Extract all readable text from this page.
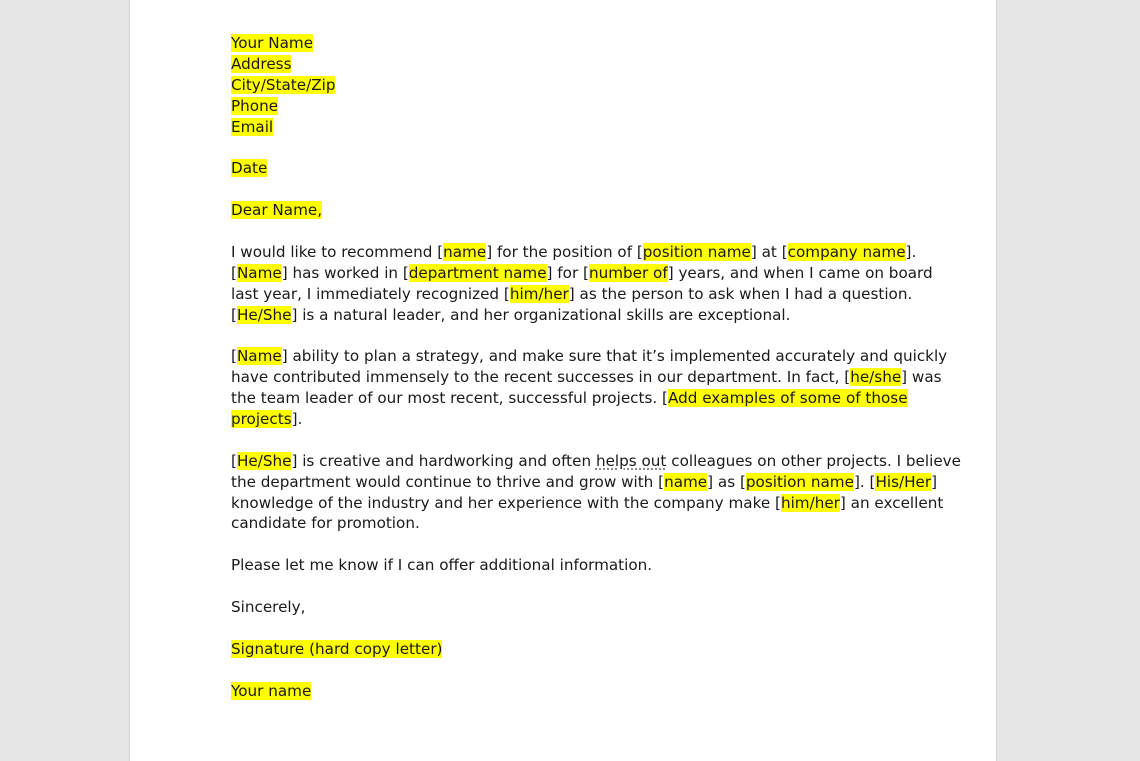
Your Name
Address
City/State/Zip
Phone
Email
Date
Dear Name,
I would like to recommend [name] for the position of [position name] at [company name].
[Name] has worked in [department name] for [number of] years, and when I came on board
last year, I immediately recognized [him/her] as the person to ask when I had a question.
[He/She] is a natural leader, and her organizational skills are exceptional.
[Name] ability to plan a strategy, and make sure that it’s implemented accurately and quickly
have contributed immensely to the recent successes in our department. In fact, [he/she] was
the team leader of our most recent, successful projects. [Add examples of some of those
projects].
[He/She] is creative and hardworking and often helps out colleagues on other projects. I believe
the department would continue to thrive and grow with [name] as [position name]. [His/Her]
knowledge of the industry and her experience with the company make [him/her] an excellent
candidate for promotion.
Please let me know if I can offer additional information.
Sincerely,
Signature (hard copy letter)
Your name
